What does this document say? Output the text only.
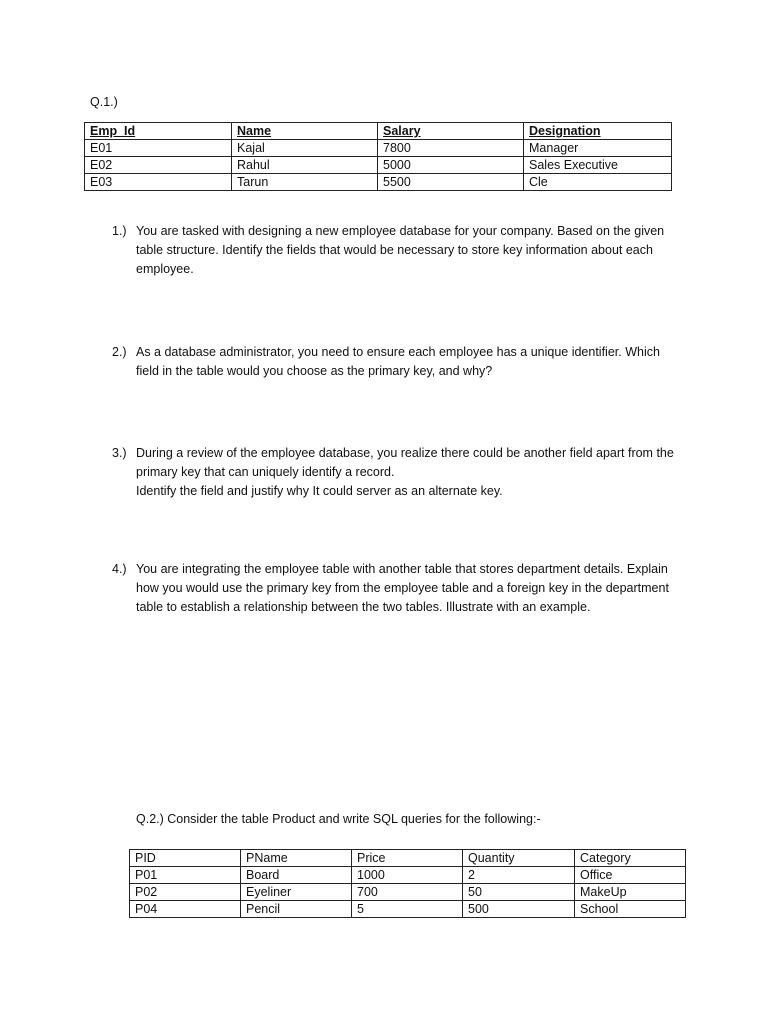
Q.1.)
Emp_Id	Name	Salary	Designation
E01	Kajal	7800	Manager
E02	Rahul	5000	Sales Executive
E03	Tarun	5500	Cle
1.) You are tasked with designing a new employee database for your company. Based on the given table structure. Identify the fields that would be necessary to store key information about each employee.

2.) As a database administrator, you need to ensure each employee has a unique identifier. Which field in the table would you choose as the primary key, and why?

3.) During a review of the employee database, you realize there could be another field apart from the primary key that can uniquely identify a record.

Identify the field and justify why It could server as an alternate key.

4.) You are integrating the employee table with another table that stores department details. Explain how you would use the primary key from the employee table and a foreign key in the department table to establish a relationship between the two tables. Illustrate with an example.

Q.2.) Consider the table Product and write SQL queries for the following:-
PID	PName	Price	Quantity	Category
P01	Board	1000	2	Office
P02	Eyeliner	700	50	MakeUp
P04	Pencil	5	500	School
